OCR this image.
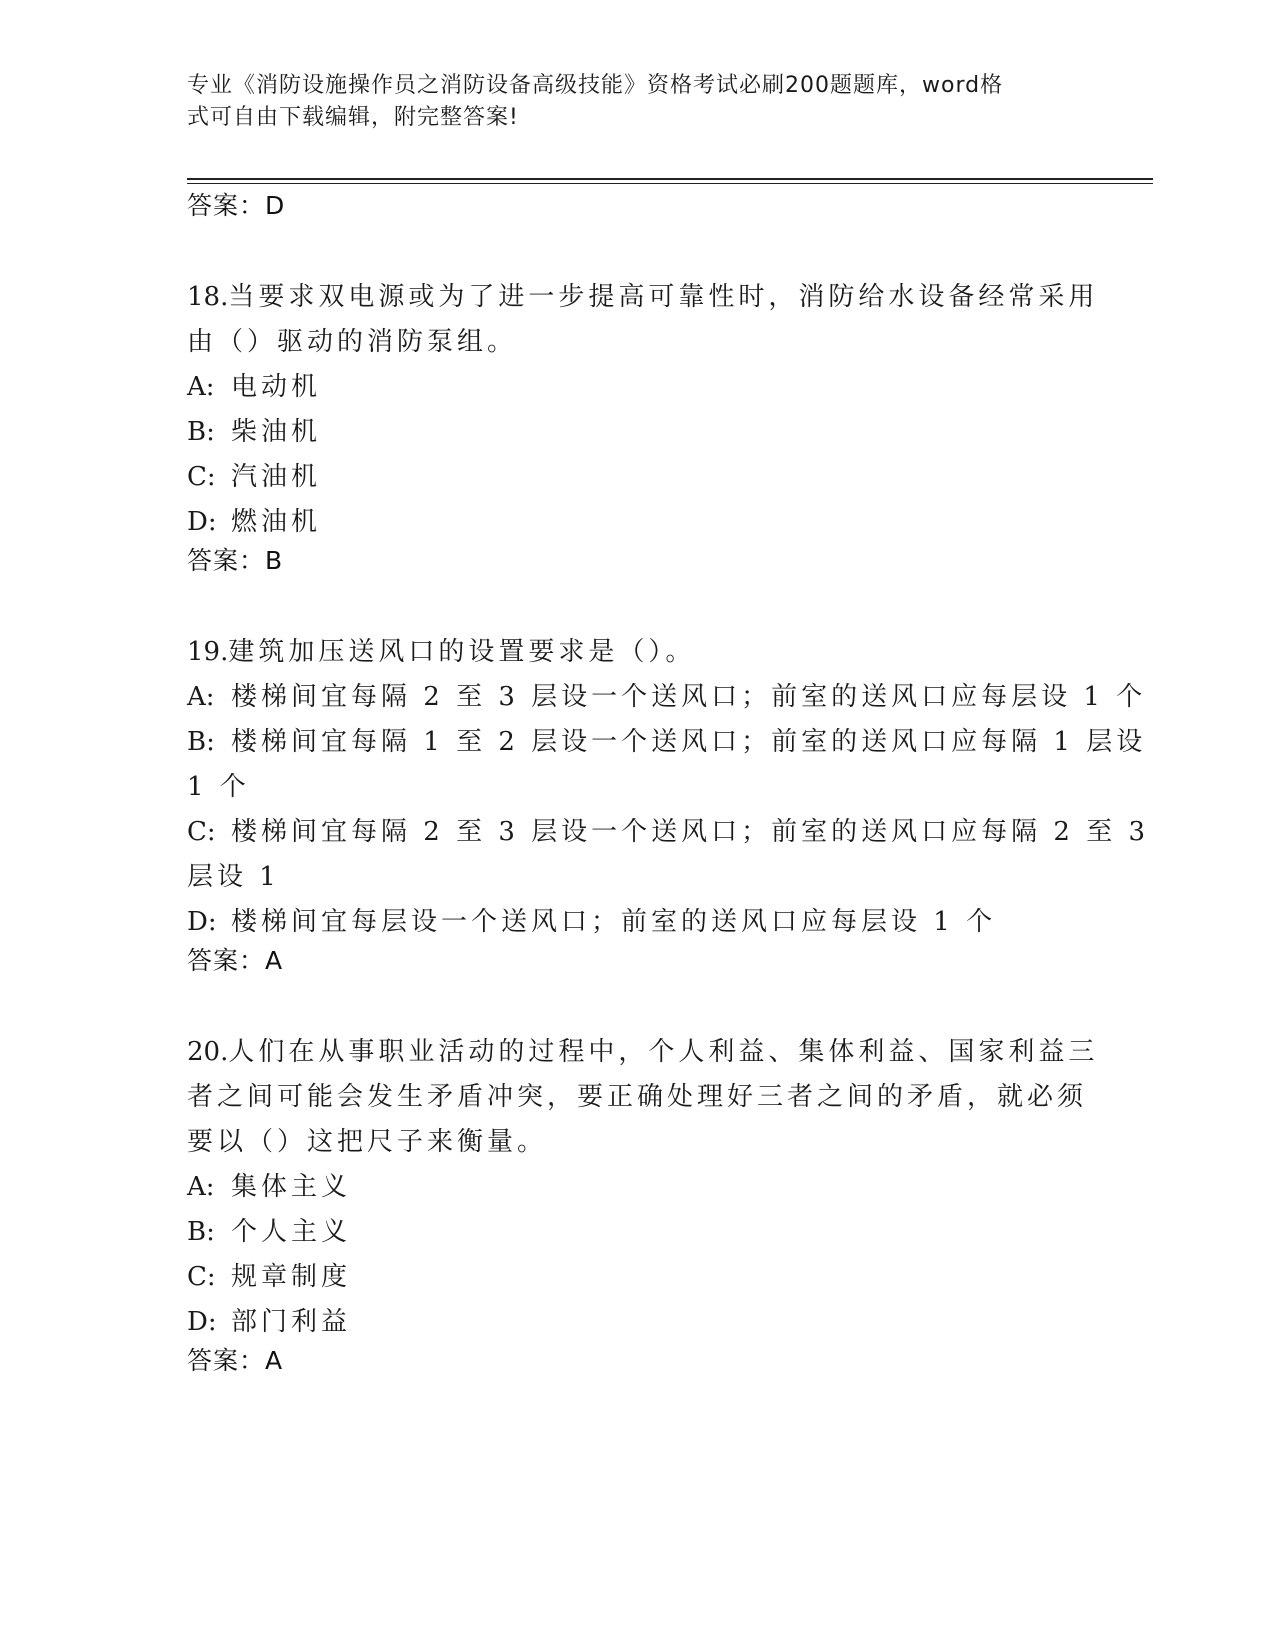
专业《消防设施操作员之消防设备高级技能》资格考试必刷200题题库，word格
式可自由下载编辑，附完整答案!
答案：D
18.当要求双电源或为了进一步提高可靠性时，消防给水设备经常采用
由（）驱动的消防泵组。
A: 电动机
B: 柴油机
C: 汽油机
D: 燃油机
答案：B
19.建筑加压送风口的设置要求是（）。
A: 楼梯间宜每隔 2 至 3 层设一个送风口；前室的送风口应每层设 1 个
B: 楼梯间宜每隔 1 至 2 层设一个送风口；前室的送风口应每隔 1 层设
1 个
C: 楼梯间宜每隔 2 至 3 层设一个送风口；前室的送风口应每隔 2 至 3
层设 1
D: 楼梯间宜每层设一个送风口；前室的送风口应每层设 1 个
答案：A
20.人们在从事职业活动的过程中，个人利益、集体利益、国家利益三
者之间可能会发生矛盾冲突，要正确处理好三者之间的矛盾，就必须
要以（）这把尺子来衡量。
A: 集体主义
B: 个人主义
C: 规章制度
D: 部门利益
答案：A
